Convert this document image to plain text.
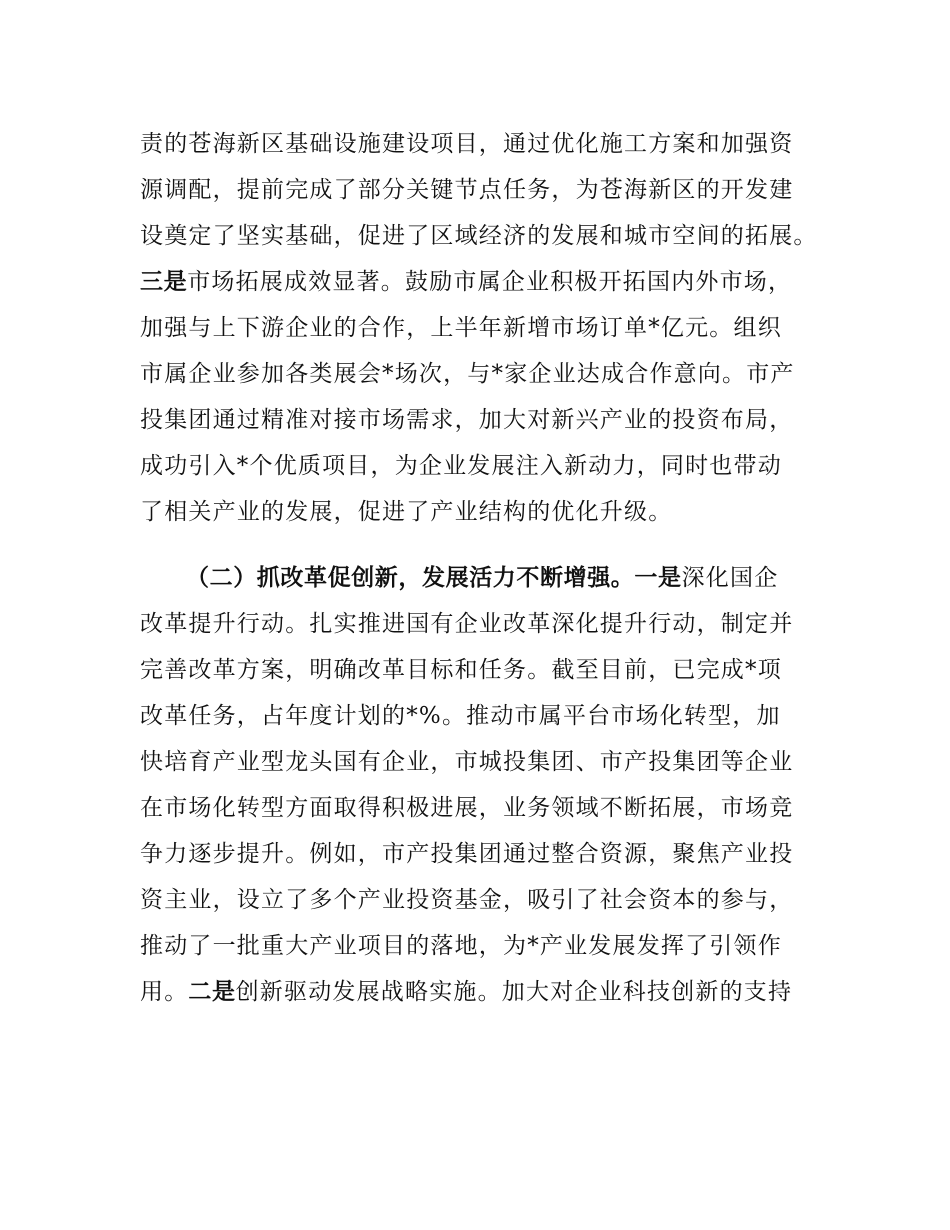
责的苍海新区基础设施建设项目，通过优化施工方案和加强资
源调配，提前完成了部分关键节点任务，为苍海新区的开发建
设奠定了坚实基础，促进了区域经济的发展和城市空间的拓展。
三是市场拓展成效显著。鼓励市属企业积极开拓国内外市场，
加强与上下游企业的合作，上半年新增市场订单*亿元。组织
市属企业参加各类展会*场次，与*家企业达成合作意向。市产
投集团通过精准对接市场需求，加大对新兴产业的投资布局，
成功引入*个优质项目，为企业发展注入新动力，同时也带动
了相关产业的发展，促进了产业结构的优化升级。
（二）抓改革促创新，发展活力不断增强。一是深化国企
改革提升行动。扎实推进国有企业改革深化提升行动，制定并
完善改革方案，明确改革目标和任务。截至目前，已完成*项
改革任务，占年度计划的*%。推动市属平台市场化转型，加
快培育产业型龙头国有企业，市城投集团、市产投集团等企业
在市场化转型方面取得积极进展，业务领域不断拓展，市场竞
争力逐步提升。例如，市产投集团通过整合资源，聚焦产业投
资主业，设立了多个产业投资基金，吸引了社会资本的参与，
推动了一批重大产业项目的落地，为*产业发展发挥了引领作
用。二是创新驱动发展战略实施。加大对企业科技创新的支持
